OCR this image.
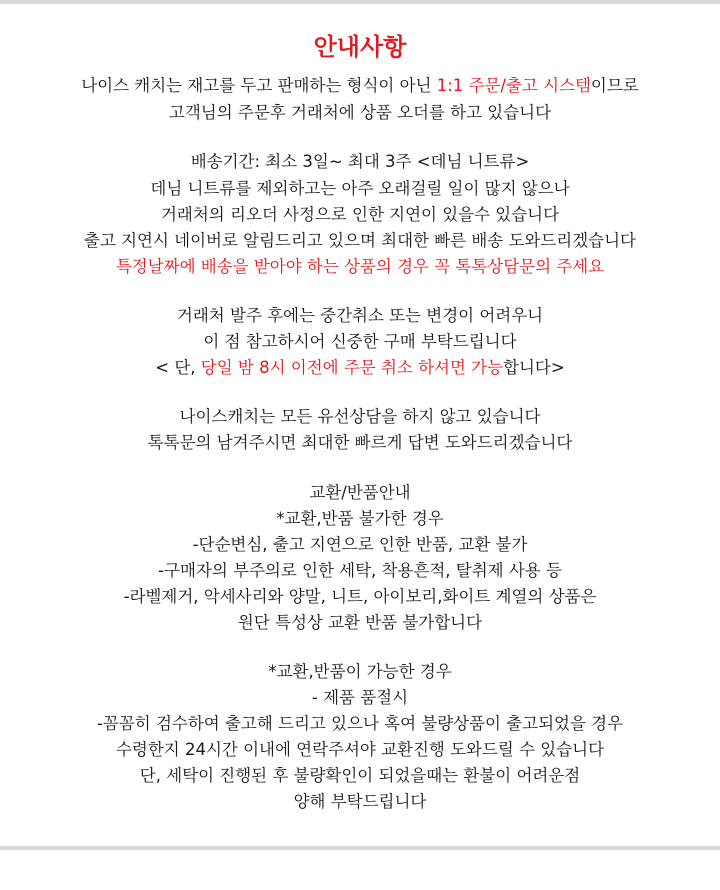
안내사항
나이스 캐치는 재고를 두고 판매하는 형식이 아닌 1:1 주문/출고 시스템이므로
고객님의 주문후 거래처에 상품 오더를 하고 있습니다
배송기간: 최소 3일~ 최대 3주 <데님 니트류>
데님 니트류를 제외하고는 아주 오래걸릴 일이 많지 않으나
거래처의 리오더 사정으로 인한 지연이 있을수 있습니다
출고 지연시 네이버로 알림드리고 있으며 최대한 빠른 배송 도와드리겠습니다
특정날짜에 배송을 받아야 하는 상품의 경우 꼭 톡톡상담문의 주세요
거래처 발주 후에는 중간취소 또는 변경이 어려우니
이 점 참고하시어 신중한 구매 부탁드립니다
< 단, 당일 밤 8시 이전에 주문 취소 하셔면 가능합니다>
나이스캐치는 모든 유선상담을 하지 않고 있습니다
톡톡문의 남겨주시면 최대한 빠르게 답변 도와드리겠습니다
교환/반품안내
*교환,반품 불가한 경우
-단순변심, 출고 지연으로 인한 반품, 교환 불가
-구매자의 부주의로 인한 세탁, 착용흔적, 탈취제 사용 등
-라벨제거, 악세사리와 양말, 니트, 아이보리,화이트 계열의 상품은
원단 특성상 교환 반품 불가합니다
*교환,반품이 가능한 경우
- 제품 품절시
-꼼꼼히 검수하여 출고해 드리고 있으나 혹여 불량상품이 출고되었을 경우
수령한지 24시간 이내에 연락주셔야 교환진행 도와드릴 수 있습니다
단, 세탁이 진행된 후 불량확인이 되었을때는 환불이 어려운점
양해 부탁드립니다
